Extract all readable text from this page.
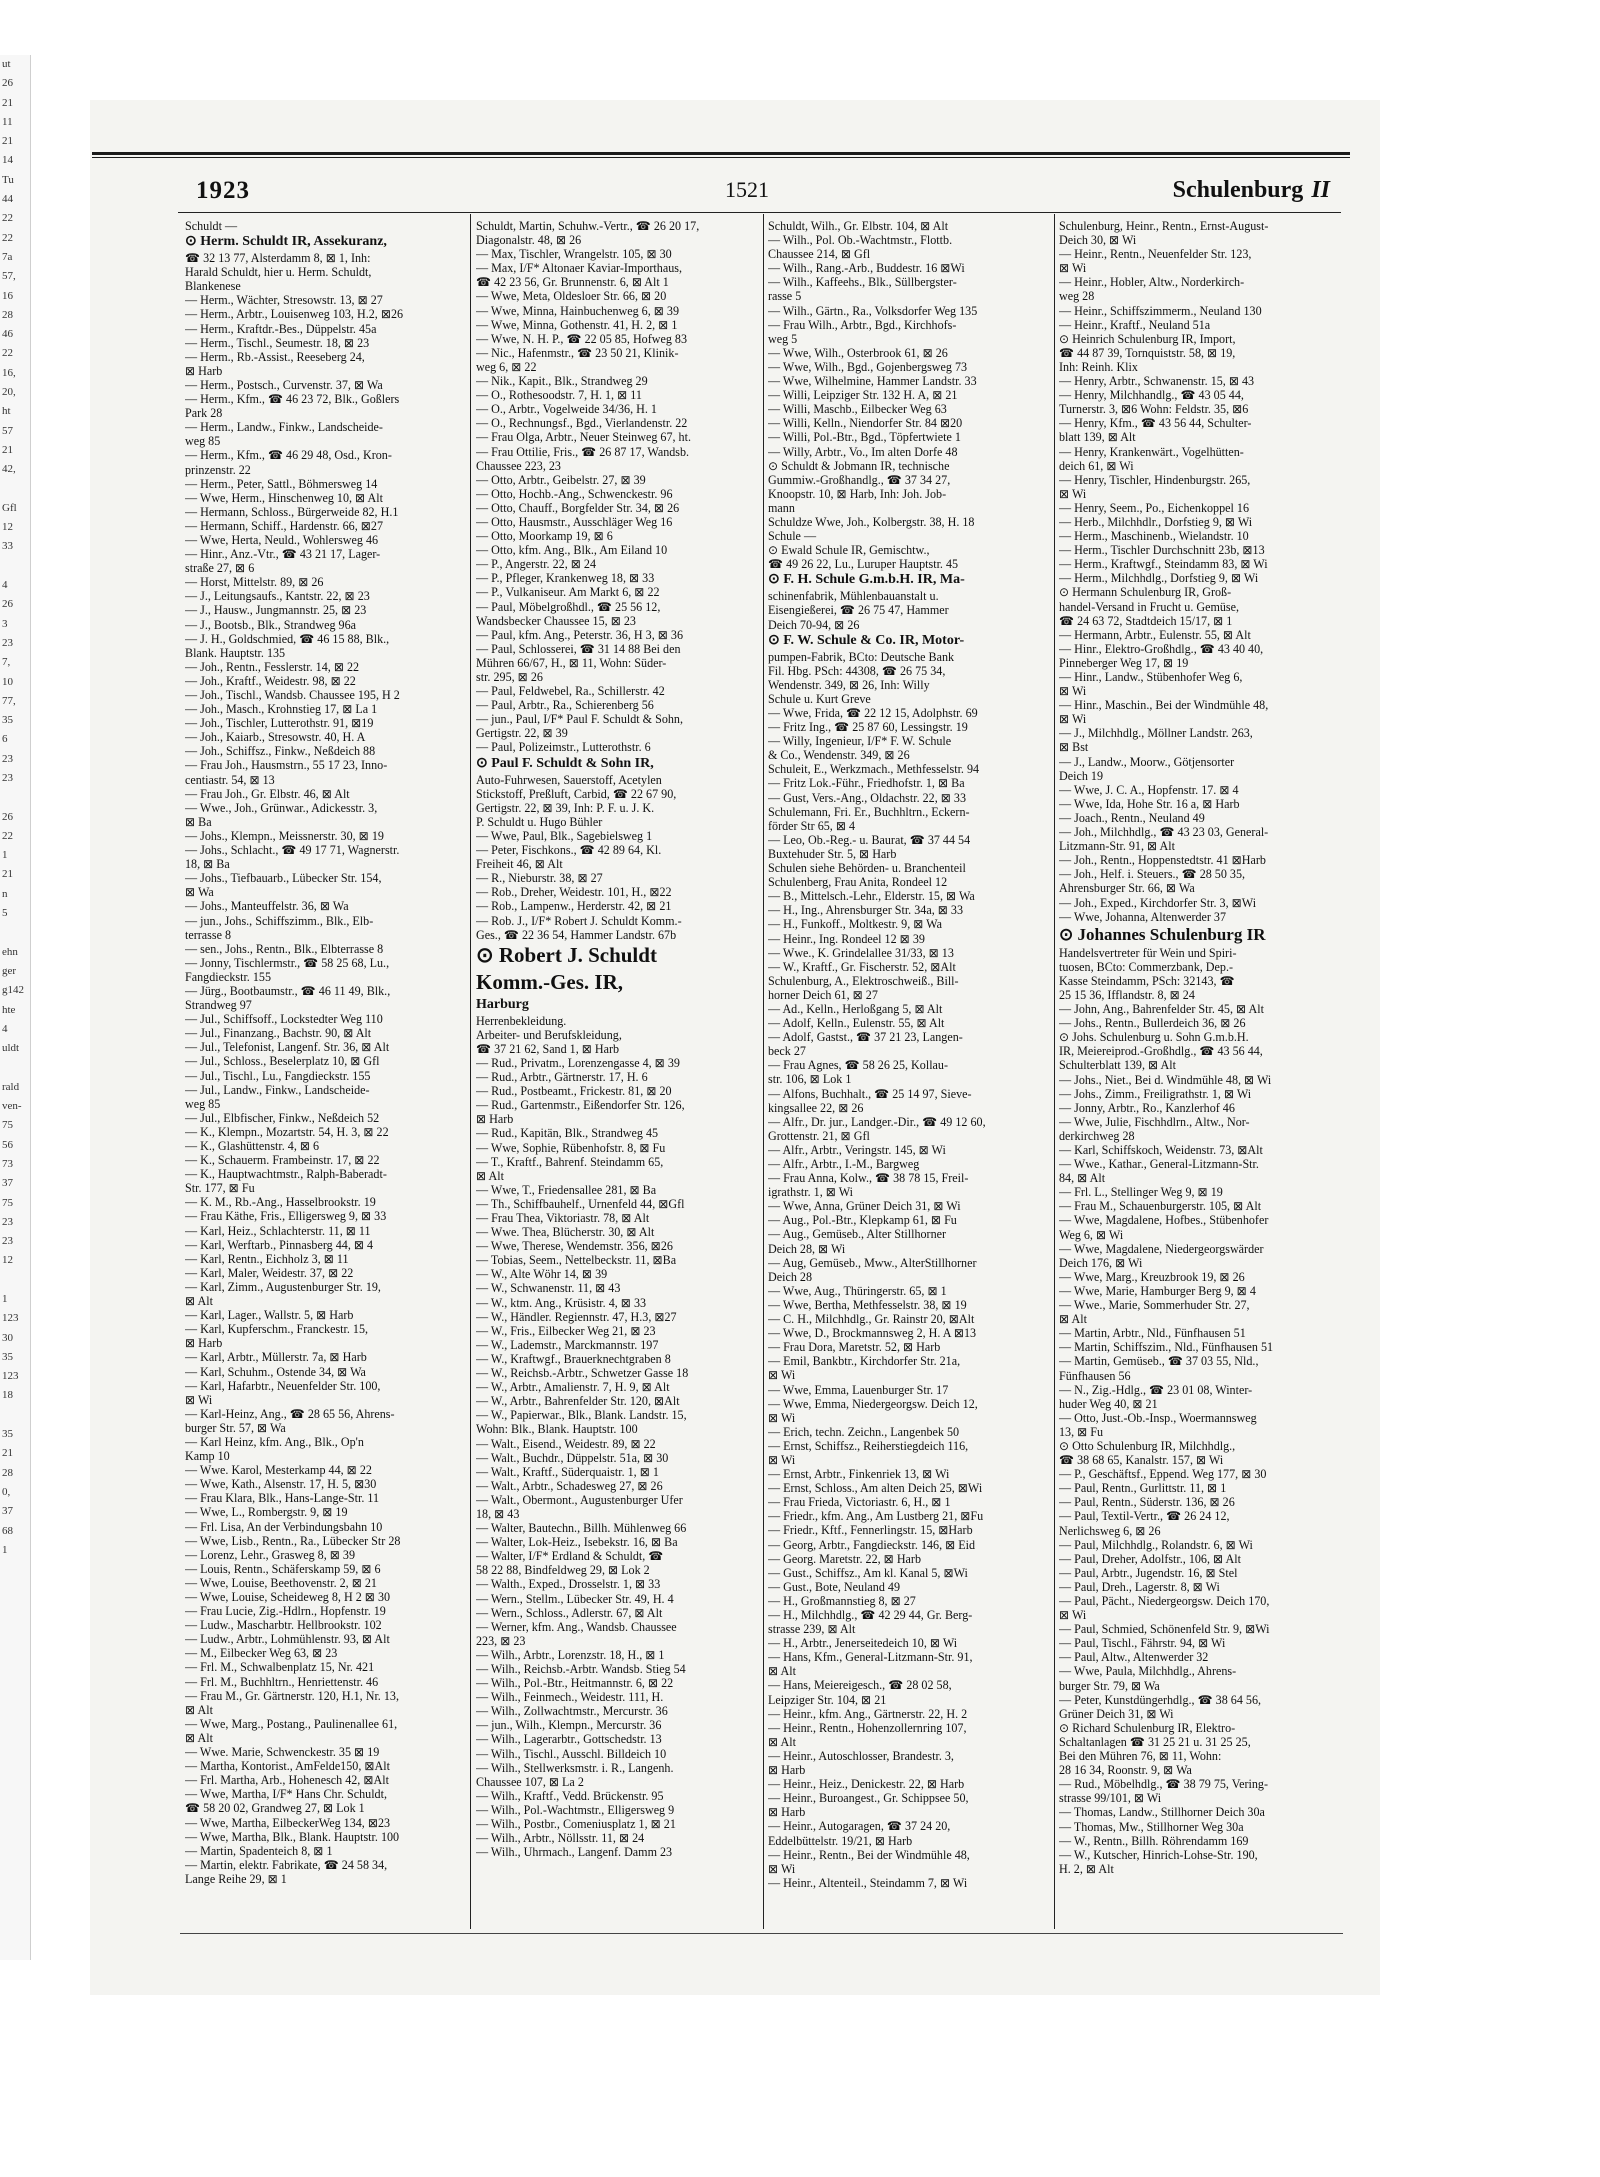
ut
26
21
11
21
14
Tu
44
22
22
7a
57,
16
28
46
22
16,
20,
ht
57
21
42,
Gfl
12
33
4
26
3
23
7,
10
77,
35
6
23
23
26
22
1
21
n
5
ehn
ger
g142
hte
4
uldt
rald
ven-
75
56
73
37
75
23
23
12
1
123
30
35
123
18
35
21
28
0,
37
68
1
1923	1521	Schulenburg II
Schuldt —
⊙ Herm. Schuldt IR, Assekuranz,
☎ 32 13 77, Alsterdamm 8, ⊠ 1, Inh:
Harald Schuldt, hier u. Herm. Schuldt,
Blankenese
— Herm., Wächter, Stresowstr. 13, ⊠ 27
— Herm., Arbtr., Louisenweg 103, H.2, ⊠26
— Herm., Kraftdr.-Bes., Düppelstr. 45a
— Herm., Tischl., Seumestr. 18, ⊠ 23
— Herm., Rb.-Assist., Reeseberg 24,
⊠ Harb
— Herm., Postsch., Curvenstr. 37, ⊠ Wa
— Herm., Kfm., ☎ 46 23 72, Blk., Goßlers
Park 28
— Herm., Landw., Finkw., Landscheide-
weg 85
— Herm., Kfm., ☎ 46 29 48, Osd., Kron-
prinzenstr. 22
— Herm., Peter, Sattl., Böhmersweg 14
— Wwe, Herm., Hinschenweg 10, ⊠ Alt
— Hermann, Schloss., Bürgerweide 82, H.1
— Hermann, Schiff., Hardenstr. 66, ⊠27
— Wwe, Herta, Neuld., Wohlersweg 46
— Hinr., Anz.-Vtr., ☎ 43 21 17, Lager-
straße 27, ⊠ 6
— Horst, Mittelstr. 89, ⊠ 26
— J., Leitungsaufs., Kantstr. 22, ⊠ 23
— J., Hausw., Jungmannstr. 25, ⊠ 23
— J., Bootsb., Blk., Strandweg 96a
— J. H., Goldschmied, ☎ 46 15 88, Blk.,
Blank. Hauptstr. 135
— Joh., Rentn., Fesslerstr. 14, ⊠ 22
— Joh., Kraftf., Weidestr. 98, ⊠ 22
— Joh., Tischl., Wandsb. Chaussee 195, H 2
— Joh., Masch., Krohnstieg 17, ⊠ La 1
— Joh., Tischler, Lutterothstr. 91, ⊠19
— Joh., Kaiarb., Stresowstr. 40, H. A
— Joh., Schiffsz., Finkw., Neßdeich 88
— Frau Joh., Hausmstrn., 55 17 23, Inno-
centiastr. 54, ⊠ 13
— Frau Joh., Gr. Elbstr. 46, ⊠ Alt
— Wwe., Joh., Grünwar., Adickesstr. 3,
⊠ Ba
— Johs., Klempn., Meissnerstr. 30, ⊠ 19
— Johs., Schlacht., ☎ 49 17 71, Wagnerstr.
18, ⊠ Ba
— Johs., Tiefbauarb., Lübecker Str. 154,
⊠ Wa
— Johs., Manteuffelstr. 36, ⊠ Wa
— jun., Johs., Schiffszimm., Blk., Elb-
terrasse 8
— sen., Johs., Rentn., Blk., Elbterrasse 8
— Jonny, Tischlermstr., ☎ 58 25 68, Lu.,
Fangdieckstr. 155
— Jürg., Bootbaumstr., ☎ 46 11 49, Blk.,
Strandweg 97
— Jul., Schiffsoff., Lockstedter Weg 110
— Jul., Finanzang., Bachstr. 90, ⊠ Alt
— Jul., Telefonist, Langenf. Str. 36, ⊠ Alt
— Jul., Schloss., Beselerplatz 10, ⊠ Gfl
— Jul., Tischl., Lu., Fangdieckstr. 155
— Jul., Landw., Finkw., Landscheide-
weg 85
— Jul., Elbfischer, Finkw., Neßdeich 52
— K., Klempn., Mozartstr. 54, H. 3, ⊠ 22
— K., Glashüttenstr. 4, ⊠ 6
— K., Schauerm. Frambeinstr. 17, ⊠ 22
— K., Hauptwachtmstr., Ralph-Baberadt-
Str. 177, ⊠ Fu
— K. M., Rb.-Ang., Hasselbrookstr. 19
— Frau Käthe, Fris., Elligersweg 9, ⊠ 33
— Karl, Heiz., Schlachterstr. 11, ⊠ 11
— Karl, Werftarb., Pinnasberg 44, ⊠ 4
— Karl, Rentn., Eichholz 3, ⊠ 11
— Karl, Maler, Weidestr. 37, ⊠ 22
— Karl, Zimm., Augustenburger Str. 19,
⊠ Alt
— Karl, Lager., Wallstr. 5, ⊠ Harb
— Karl, Kupferschm., Franckestr. 15,
⊠ Harb
— Karl, Arbtr., Müllerstr. 7a, ⊠ Harb
— Karl, Schuhm., Ostende 34, ⊠ Wa
— Karl, Hafarbtr., Neuenfelder Str. 100,
⊠ Wi
— Karl-Heinz, Ang., ☎ 28 65 56, Ahrens-
burger Str. 57, ⊠ Wa
— Karl Heinz, kfm. Ang., Blk., Op'n
Kamp 10
— Wwe. Karol, Mesterkamp 44, ⊠ 22
— Wwe, Kath., Alsenstr. 17, H. 5, ⊠30
— Frau Klara, Blk., Hans-Lange-Str. 11
— Wwe, L., Rombergstr. 9, ⊠ 19
— Frl. Lisa, An der Verbindungsbahn 10
— Wwe, Lisb., Rentn., Ra., Lübecker Str 28
— Lorenz, Lehr., Grasweg 8, ⊠ 39
— Louis, Rentn., Schäferskamp 59, ⊠ 6
— Wwe, Louise, Beethovenstr. 2, ⊠ 21
— Wwe, Louise, Scheideweg 8, H 2 ⊠ 30
— Frau Lucie, Zig.-Hdlrn., Hopfenstr. 19
— Ludw., Mascharbtr. Hellbrookstr. 102
— Ludw., Arbtr., Lohmühlenstr. 93, ⊠ Alt
— M., Eilbecker Weg 63, ⊠ 23
— Frl. M., Schwalbenplatz 15, Nr. 421
— Frl. M., Buchhltrn., Henriettenstr. 46
— Frau M., Gr. Gärtnerstr. 120, H.1, Nr. 13,
⊠ Alt
— Wwe, Marg., Postang., Paulinenallee 61,
⊠ Alt
— Wwe. Marie, Schwenckestr. 35 ⊠ 19
— Martha, Kontorist., AmFelde150, ⊠Alt
— Frl. Martha, Arb., Hohenesch 42, ⊠Alt
— Wwe, Martha, I/F* Hans Chr. Schuldt,
☎ 58 20 02, Grandweg 27, ⊠ Lok 1
— Wwe, Martha, EilbeckerWeg 134, ⊠23
— Wwe, Martha, Blk., Blank. Hauptstr. 100
— Martin, Spadenteich 8, ⊠ 1
— Martin, elektr. Fabrikate, ☎ 24 58 34,
Lange Reihe 29, ⊠ 1
Schuldt, Martin, Schuhw.-Vertr., ☎ 26 20 17,
Diagonalstr. 48, ⊠ 26
— Max, Tischler, Wrangelstr. 105, ⊠ 30
— Max, I/F* Altonaer Kaviar-Importhaus,
☎ 42 23 56, Gr. Brunnenstr. 6, ⊠ Alt 1
— Wwe, Meta, Oldesloer Str. 66, ⊠ 20
— Wwe, Minna, Hainbuchenweg 6, ⊠ 39
— Wwe, Minna, Gothenstr. 41, H. 2, ⊠ 1
— Wwe, N. H. P., ☎ 22 05 85, Hofweg 83
— Nic., Hafenmstr., ☎ 23 50 21, Klinik-
weg 6, ⊠ 22
— Nik., Kapit., Blk., Strandweg 29
— O., Rothesoodstr. 7, H. 1, ⊠ 11
— O., Arbtr., Vogelweide 34/36, H. 1
— O., Rechnungsf., Bgd., Vierlandenstr. 22
— Frau Olga, Arbtr., Neuer Steinweg 67, ht.
— Frau Ottilie, Fris., ☎ 26 87 17, Wandsb.
Chaussee 223, 23
— Otto, Arbtr., Geibelstr. 27, ⊠ 39
— Otto, Hochb.-Ang., Schwenckestr. 96
— Otto, Chauff., Borgfelder Str. 34, ⊠ 26
— Otto, Hausmstr., Ausschläger Weg 16
— Otto, Moorkamp 19, ⊠ 6
— Otto, kfm. Ang., Blk., Am Eiland 10
— P., Angerstr. 22, ⊠ 24
— P., Pfleger, Krankenweg 18, ⊠ 33
— P., Vulkaniseur. Am Markt 6, ⊠ 22
— Paul, Möbelgroßhdl., ☎ 25 56 12,
Wandsbecker Chaussee 15, ⊠ 23
— Paul, kfm. Ang., Peterstr. 36, H 3, ⊠ 36
— Paul, Schlosserei, ☎ 31 14 88 Bei den
Mühren 66/67, H., ⊠ 11, Wohn: Süder-
str. 295, ⊠ 26
— Paul, Feldwebel, Ra., Schillerstr. 42
— Paul, Arbtr., Ra., Schierenberg 56
— jun., Paul, I/F* Paul F. Schuldt & Sohn,
Gertigstr. 22, ⊠ 39
— Paul, Polizeimstr., Lutterothstr. 6
⊙ Paul F. Schuldt & Sohn IR,
Auto-Fuhrwesen, Sauerstoff, Acetylen
Stickstoff, Preßluft, Carbid, ☎ 22 67 90,
Gertigstr. 22, ⊠ 39, Inh: P. F. u. J. K.
P. Schuldt u. Hugo Bühler
— Wwe, Paul, Blk., Sagebielsweg 1
— Peter, Fischkons., ☎ 42 89 64, Kl.
Freiheit 46, ⊠ Alt
— R., Nieburstr. 38, ⊠ 27
— Rob., Dreher, Weidestr. 101, H., ⊠22
— Rob., Lampenw., Herderstr. 42, ⊠ 21
— Rob. J., I/F* Robert J. Schuldt Komm.-
Ges., ☎ 22 36 54, Hammer Landstr. 67b
⊙ Robert J. Schuldt
Komm.-Ges. IR,
Harburg
Herrenbekleidung.
Arbeiter- und Berufskleidung,
☎ 37 21 62, Sand 1, ⊠ Harb
— Rud., Privatm., Lorenzengasse 4, ⊠ 39
— Rud., Arbtr., Gärtnerstr. 17, H. 6
— Rud., Postbeamt., Frickestr. 81, ⊠ 20
— Rud., Gartenmstr., Eißendorfer Str. 126,
⊠ Harb
— Rud., Kapitän, Blk., Strandweg 45
— Wwe, Sophie, Rübenhofstr. 8, ⊠ Fu
— T., Kraftf., Bahrenf. Steindamm 65,
⊠ Alt
— Wwe, T., Friedensallee 281, ⊠ Ba
— Th., Schiffbauhelf., Urnenfeld 44, ⊠Gfl
— Frau Thea, Viktoriastr. 78, ⊠ Alt
— Wwe. Thea, Blücherstr. 30, ⊠ Alt
— Wwe, Therese, Wendemstr. 356, ⊠26
— Tobias, Seem., Nettelbeckstr. 11, ⊠Ba
— W., Alte Wöhr 14, ⊠ 39
— W., Schwanenstr. 11, ⊠ 43
— W., ktm. Ang., Krüsistr. 4, ⊠ 33
— W., Händler. Regiennstr. 47, H.3, ⊠27
— W., Fris., Eilbecker Weg 21, ⊠ 23
— W., Lademstr., Marckmannstr. 197
— W., Kraftwgf., Brauerknechtgraben 8
— W., Reichsb.-Arbtr., Schwetzer Gasse 18
— W., Arbtr., Amalienstr. 7, H. 9, ⊠ Alt
— W., Arbtr., Bahrenfelder Str. 120, ⊠Alt
— W., Papierwar., Blk., Blank. Landstr. 15,
Wohn: Blk., Blank. Hauptstr. 100
— Walt., Eisend., Weidestr. 89, ⊠ 22
— Walt., Buchdr., Düppelstr. 51a, ⊠ 30
— Walt., Kraftf., Süderquaistr. 1, ⊠ 1
— Walt., Arbtr., Schadesweg 27, ⊠ 26
— Walt., Obermont., Augustenburger Ufer
18, ⊠ 43
— Walter, Bautechn., Billh. Mühlenweg 66
— Walter, Lok-Heiz., Isebekstr. 16, ⊠ Ba
— Walter, I/F* Erdland & Schuldt, ☎
58 22 88, Bindfeldweg 29, ⊠ Lok 2
— Walth., Exped., Drosselstr. 1, ⊠ 33
— Wern., Stellm., Lübecker Str. 49, H. 4
— Wern., Schloss., Adlerstr. 67, ⊠ Alt
— Werner, kfm. Ang., Wandsb. Chaussee
223, ⊠ 23
— Wilh., Arbtr., Lorenzstr. 18, H., ⊠ 1
— Wilh., Reichsb.-Arbtr. Wandsb. Stieg 54
— Wilh., Pol.-Btr., Heitmannstr. 6, ⊠ 22
— Wilh., Feinmech., Weidestr. 111, H.
— Wilh., Zollwachtmstr., Mercurstr. 36
— jun., Wilh., Klempn., Mercurstr. 36
— Wilh., Lagerarbtr., Gottschedstr. 13
— Wilh., Tischl., Ausschl. Billdeich 10
— Wilh., Stellwerksmstr. i. R., Langenh.
Chaussee 107, ⊠ La 2
— Wilh., Kraftf., Vedd. Brückenstr. 95
— Wilh., Pol.-Wachtmstr., Elligersweg 9
— Wilh., Postbr., Comeniusplatz 1, ⊠ 21
— Wilh., Arbtr., Nöllsstr. 11, ⊠ 24
— Wilh., Uhrmach., Langenf. Damm 23
Schuldt, Wilh., Gr. Elbstr. 104, ⊠ Alt
— Wilh., Pol. Ob.-Wachtmstr., Flottb.
Chaussee 214, ⊠ Gfl
— Wilh., Rang.-Arb., Buddestr. 16 ⊠Wi
— Wilh., Kaffeehs., Blk., Süllbergster-
rasse 5
— Wilh., Gärtn., Ra., Volksdorfer Weg 135
— Frau Wilh., Arbtr., Bgd., Kirchhofs-
weg 5
— Wwe, Wilh., Osterbrook 61, ⊠ 26
— Wwe, Wilh., Bgd., Gojenbergsweg 73
— Wwe, Wilhelmine, Hammer Landstr. 33
— Willi, Leipziger Str. 132 H. A, ⊠ 21
— Willi, Maschb., Eilbecker Weg 63
— Willi, Kelln., Niendorfer Str. 84 ⊠20
— Willi, Pol.-Btr., Bgd., Töpfertwiete 1
— Willy, Arbtr., Vo., Im alten Dorfe 48
⊙ Schuldt & Jobmann IR, technische
Gummiw.-Großhandlg., ☎ 37 34 27,
Knoopstr. 10, ⊠ Harb, Inh: Joh. Job-
mann
Schuldze Wwe, Joh., Kolbergstr. 38, H. 18
Schule —
⊙ Ewald Schule IR, Gemischtw.,
☎ 49 26 22, Lu., Luruper Hauptstr. 45
⊙ F. H. Schule G.m.b.H. IR, Ma-
schinenfabrik, Mühlenbauanstalt u.
Eisengießerei, ☎ 26 75 47, Hammer
Deich 70-94, ⊠ 26
⊙ F. W. Schule & Co. IR, Motor-
pumpen-Fabrik, BCto: Deutsche Bank
Fil. Hbg. PSch: 44308, ☎ 26 75 34,
Wendenstr. 349, ⊠ 26, Inh: Willy
Schule u. Kurt Greve
— Wwe, Frida, ☎ 22 12 15, Adolphstr. 69
— Fritz Ing., ☎ 25 87 60, Lessingstr. 19
— Willy, Ingenieur, I/F* F. W. Schule
& Co., Wendenstr. 349, ⊠ 26
Schuleit, E., Werkzmach., Methfesselstr. 94
— Fritz Lok.-Führ., Friedhofstr. 1, ⊠ Ba
— Gust, Vers.-Ang., Oldachstr. 22, ⊠ 33
Schulemann, Fri. Er., Buchhltrn., Eckern-
förder Str 65, ⊠ 4
— Leo, Ob.-Reg.- u. Baurat, ☎ 37 44 54
Buxtehuder Str. 5, ⊠ Harb
Schulen siehe Behörden- u. Branchenteil
Schulenberg, Frau Anita, Rondeel 12
— B., Mittelsch.-Lehr., Elderstr. 15, ⊠ Wa
— H., Ing., Ahrensburger Str. 34a, ⊠ 33
— H., Funkoff., Moltkestr. 9, ⊠ Wa
— Heinr., Ing. Rondeel 12 ⊠ 39
— Wwe., K. Grindelallee 31/33, ⊠ 13
— W., Kraftf., Gr. Fischerstr. 52, ⊠Alt
Schulenburg, A., Elektroschweiß., Bill-
horner Deich 61, ⊠ 27
— Ad., Kelln., Herloßgang 5, ⊠ Alt
— Adolf, Kelln., Eulenstr. 55, ⊠ Alt
— Adolf, Gastst., ☎ 37 21 23, Langen-
beck 27
— Frau Agnes, ☎ 58 26 25, Kollau-
str. 106, ⊠ Lok 1
— Alfons, Buchhalt., ☎ 25 14 97, Sieve-
kingsallee 22, ⊠ 26
— Alfr., Dr. jur., Landger.-Dir., ☎ 49 12 60,
Grottenstr. 21, ⊠ Gfl
— Alfr., Arbtr., Veringstr. 145, ⊠ Wi
— Alfr., Arbtr., I.-M., Bargweg
— Frau Anna, Kolw., ☎ 38 78 15, Freil-
igrathstr. 1, ⊠ Wi
— Wwe, Anna, Grüner Deich 31, ⊠ Wi
— Aug., Pol.-Btr., Klepkamp 61, ⊠ Fu
— Aug., Gemüseb., Alter Stillhorner
Deich 28, ⊠ Wi
— Aug, Gemüseb., Mww., AlterStillhorner
Deich 28
— Wwe, Aug., Thüringerstr. 65, ⊠ 1
— Wwe, Bertha, Methfesselstr. 38, ⊠ 19
— C. H., Milchhdlg., Gr. Rainstr 20, ⊠Alt
— Wwe, D., Brockmannsweg 2, H. A ⊠13
— Frau Dora, Maretstr. 52, ⊠ Harb
— Emil, Bankbtr., Kirchdorfer Str. 21a,
⊠ Wi
— Wwe, Emma, Lauenburger Str. 17
— Wwe, Emma, Niedergeorgsw. Deich 12,
⊠ Wi
— Erich, techn. Zeichn., Langenbek 50
— Ernst, Schiffsz., Reiherstiegdeich 116,
⊠ Wi
— Ernst, Arbtr., Finkenriek 13, ⊠ Wi
— Ernst, Schloss., Am alten Deich 25, ⊠Wi
— Frau Frieda, Victoriastr. 6, H., ⊠ 1
— Friedr., kfm. Ang., Am Lustberg 21, ⊠Fu
— Friedr., Kftf., Fennerlingstr. 15, ⊠Harb
— Georg, Arbtr., Fangdieckstr. 146, ⊠ Eid
— Georg. Maretstr. 22, ⊠ Harb
— Gust., Schiffsz., Am kl. Kanal 5, ⊠Wi
— Gust., Bote, Neuland 49
— H., Großmannstieg 8, ⊠ 27
— H., Milchhdlg., ☎ 42 29 44, Gr. Berg-
strasse 239, ⊠ Alt
— H., Arbtr., Jenerseitedeich 10, ⊠ Wi
— Hans, Kfm., General-Litzmann-Str. 91,
⊠ Alt
— Hans, Meiereigesch., ☎ 28 02 58,
Leipziger Str. 104, ⊠ 21
— Heinr., kfm. Ang., Gärtnerstr. 22, H. 2
— Heinr., Rentn., Hohenzollernring 107,
⊠ Alt
— Heinr., Autoschlosser, Brandestr. 3,
⊠ Harb
— Heinr., Heiz., Denickestr. 22, ⊠ Harb
— Heinr., Buroangest., Gr. Schippsee 50,
⊠ Harb
— Heinr., Autogaragen, ☎ 37 24 20,
Eddelbüttelstr. 19/21, ⊠ Harb
— Heinr., Rentn., Bei der Windmühle 48,
⊠ Wi
— Heinr., Altenteil., Steindamm 7, ⊠ Wi
Schulenburg, Heinr., Rentn., Ernst-August-
Deich 30, ⊠ Wi
— Heinr., Rentn., Neuenfelder Str. 123,
⊠ Wi
— Heinr., Hobler, Altw., Norderkirch-
weg 28
— Heinr., Schiffszimmerm., Neuland 130
— Heinr., Kraftf., Neuland 51a
⊙ Heinrich Schulenburg IR, Import,
☎ 44 87 39, Tornquiststr. 58, ⊠ 19,
Inh: Reinh. Klix
— Henry, Arbtr., Schwanenstr. 15, ⊠ 43
— Henry, Milchhandlg., ☎ 43 05 44,
Turnerstr. 3, ⊠6 Wohn: Feldstr. 35, ⊠6
— Henry, Kfm., ☎ 43 56 44, Schulter-
blatt 139, ⊠ Alt
— Henry, Krankenwärt., Vogelhütten-
deich 61, ⊠ Wi
— Henry, Tischler, Hindenburgstr. 265,
⊠ Wi
— Henry, Seem., Po., Eichenkoppel 16
— Herb., Milchhdlr., Dorfstieg 9, ⊠ Wi
— Herm., Maschinenb., Wielandstr. 10
— Herm., Tischler Durchschnitt 23b, ⊠13
— Herm., Kraftwgf., Steindamm 83, ⊠ Wi
— Herm., Milchhdlg., Dorfstieg 9, ⊠ Wi
⊙ Hermann Schulenburg IR, Groß-
handel-Versand in Frucht u. Gemüse,
☎ 24 63 72, Stadtdeich 15/17, ⊠ 1
— Hermann, Arbtr., Eulenstr. 55, ⊠ Alt
— Hinr., Elektro-Großhdlg., ☎ 43 40 40,
Pinneberger Weg 17, ⊠ 19
— Hinr., Landw., Stübenhofer Weg 6,
⊠ Wi
— Hinr., Maschin., Bei der Windmühle 48,
⊠ Wi
— J., Milchhdlg., Möllner Landstr. 263,
⊠ Bst
— J., Landw., Moorw., Götjensorter
Deich 19
— Wwe, J. C. A., Hopfenstr. 17. ⊠ 4
— Wwe, Ida, Hohe Str. 16 a, ⊠ Harb
— Joach., Rentn., Neuland 49
— Joh., Milchhdlg., ☎ 43 23 03, General-
Litzmann-Str. 91, ⊠ Alt
— Joh., Rentn., Hoppenstedtstr. 41 ⊠Harb
— Joh., Helf. i. Steuers., ☎ 28 50 35,
Ahrensburger Str. 66, ⊠ Wa
— Joh., Exped., Kirchdorfer Str. 3, ⊠Wi
— Wwe, Johanna, Altenwerder 37
⊙ Johannes Schulenburg IR
Handelsvertreter für Wein und Spiri-
tuosen, BCto: Commerzbank, Dep.-
Kasse Steindamm, PSch: 32143, ☎
25 15 36, Ifflandstr. 8, ⊠ 24
— John, Ang., Bahrenfelder Str. 45, ⊠ Alt
— Johs., Rentn., Bullerdeich 36, ⊠ 26
⊙ Johs. Schulenburg u. Sohn G.m.b.H.
IR, Meiereiprod.-Großhdlg., ☎ 43 56 44,
Schulterblatt 139, ⊠ Alt
— Johs., Niet., Bei d. Windmühle 48, ⊠ Wi
— Johs., Zimm., Freiligrathstr. 1, ⊠ Wi
— Jonny, Arbtr., Ro., Kanzlerhof 46
— Wwe, Julie, Fischhdlrn., Altw., Nor-
derkirchweg 28
— Karl, Schiffskoch, Weidenstr. 73, ⊠Alt
— Wwe., Kathar., General-Litzmann-Str.
84, ⊠ Alt
— Frl. L., Stellinger Weg 9, ⊠ 19
— Frau M., Schauenburgerstr. 105, ⊠ Alt
— Wwe, Magdalene, Hofbes., Stübenhofer
Weg 6, ⊠ Wi
— Wwe, Magdalene, Niedergeorgswärder
Deich 176, ⊠ Wi
— Wwe, Marg., Kreuzbrook 19, ⊠ 26
— Wwe, Marie, Hamburger Berg 9, ⊠ 4
— Wwe., Marie, Sommerhuder Str. 27,
⊠ Alt
— Martin, Arbtr., Nld., Fünfhausen 51
— Martin, Schiffszim., Nld., Fünfhausen 51
— Martin, Gemüseb., ☎ 37 03 55, Nld.,
Fünfhausen 56
— N., Zig.-Hdlg., ☎ 23 01 08, Winter-
huder Weg 40, ⊠ 21
— Otto, Just.-Ob.-Insp., Woermannsweg
13, ⊠ Fu
⊙ Otto Schulenburg IR, Milchhdlg.,
☎ 38 68 65, Kanalstr. 157, ⊠ Wi
— P., Geschäftsf., Eppend. Weg 177, ⊠ 30
— Paul, Rentn., Gurlittstr. 11, ⊠ 1
— Paul, Rentn., Süderstr. 136, ⊠ 26
— Paul, Textil-Vertr., ☎ 26 24 12,
Nerlichsweg 6, ⊠ 26
— Paul, Milchhdlg., Rolandstr. 6, ⊠ Wi
— Paul, Dreher, Adolfstr., 106, ⊠ Alt
— Paul, Arbtr., Jugendstr. 16, ⊠ Stel
— Paul, Dreh., Lagerstr. 8, ⊠ Wi
— Paul, Pächt., Niedergeorgsw. Deich 170,
⊠ Wi
— Paul, Schmied, Schönenfeld Str. 9, ⊠Wi
— Paul, Tischl., Fährstr. 94, ⊠ Wi
— Paul, Altw., Altenwerder 32
— Wwe, Paula, Milchhdlg., Ahrens-
burger Str. 79, ⊠ Wa
— Peter, Kunstdüngerhdlg., ☎ 38 64 56,
Grüner Deich 31, ⊠ Wi
⊙ Richard Schulenburg IR, Elektro-
Schaltanlagen ☎ 31 25 21 u. 31 25 25,
Bei den Mühren 76, ⊠ 11, Wohn:
28 16 34, Roonstr. 9, ⊠ Wa
— Rud., Möbelhdlg., ☎ 38 79 75, Vering-
strasse 99/101, ⊠ Wi
— Thomas, Landw., Stillhorner Deich 30a
— Thomas, Mw., Stillhorner Weg 30a
— W., Rentn., Billh. Röhrendamm 169
— W., Kutscher, Hinrich-Lohse-Str. 190,
H. 2, ⊠ Alt
